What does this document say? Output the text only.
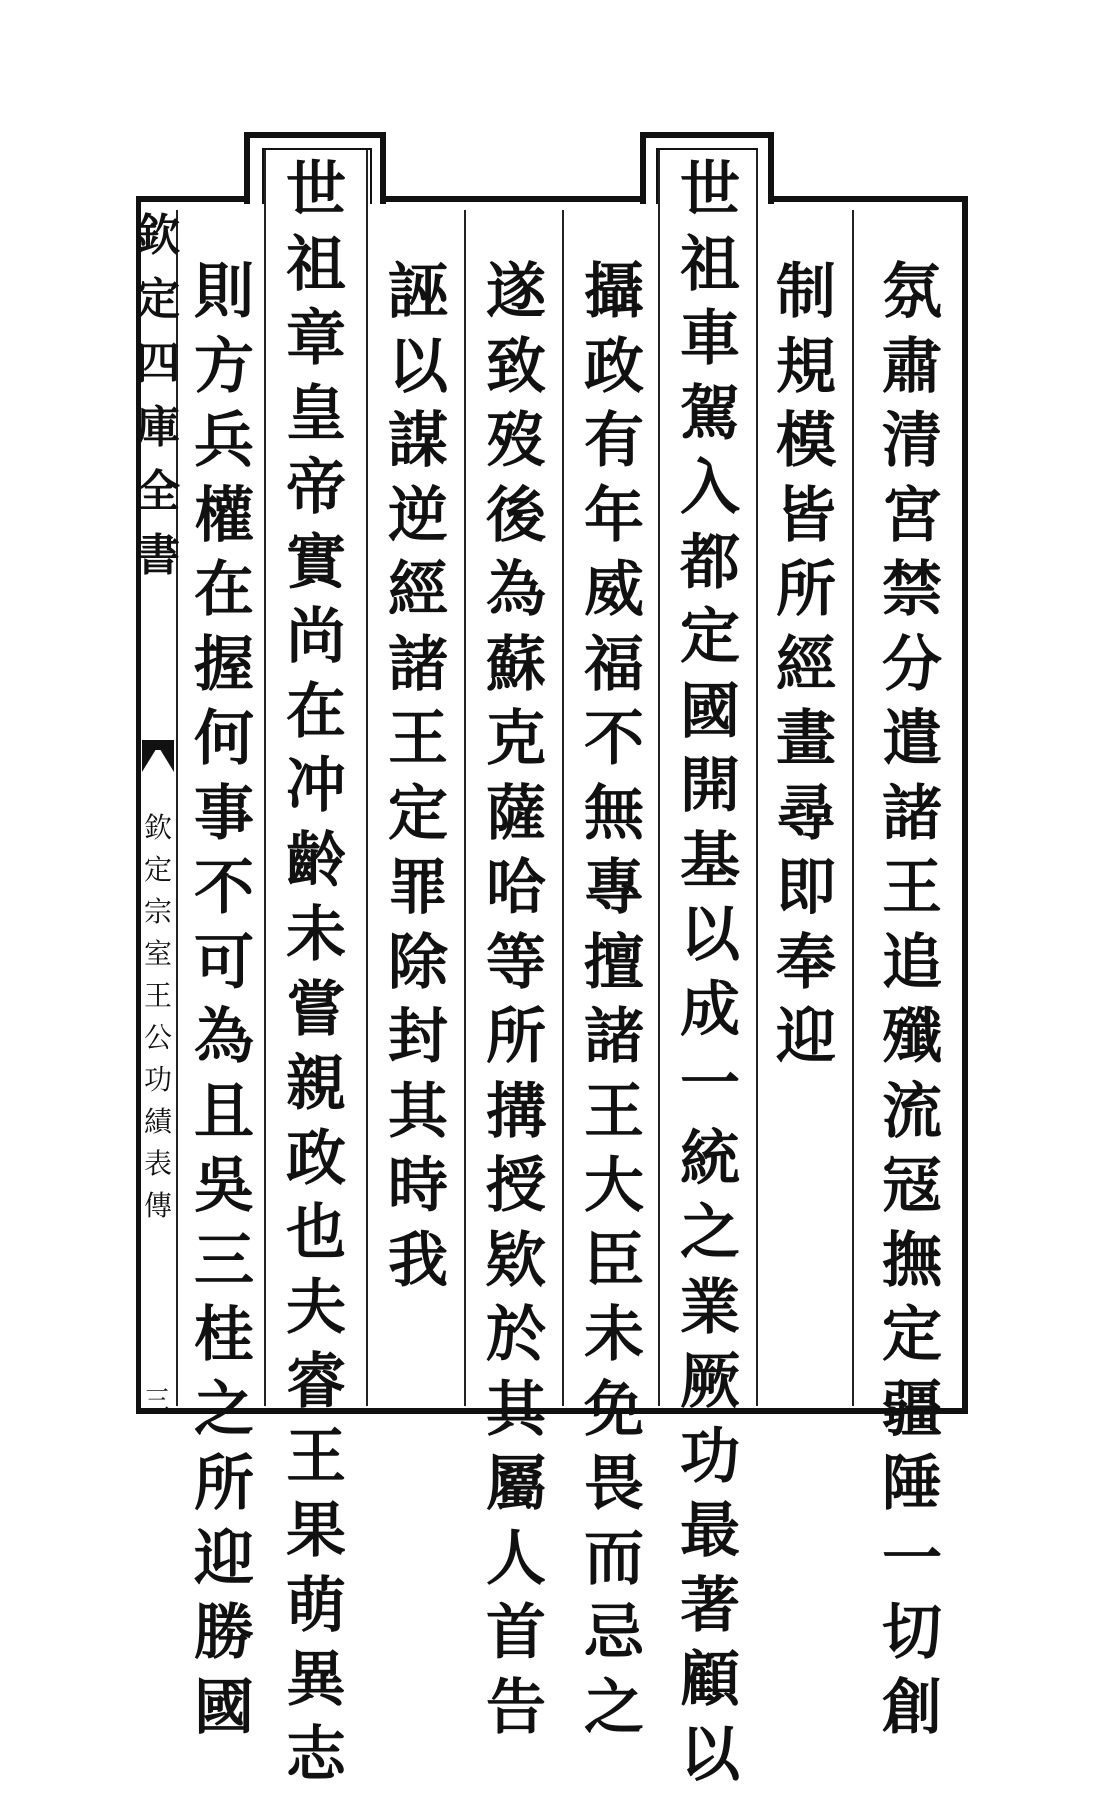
欽
定
四
庫
全
書
欽
定
宗
室
王
公
功
績
表
傳
三
氛
肅
清
宮
禁
分
遣
諸
王
追
殲
流
冦
撫
定
疆
陲
一
切
創
制
規
模
皆
所
經
畫
尋
即
奉
迎
世
祖
車
駕
入
都
定
國
開
基
以
成
一
統
之
業
厥
功
最
著
顧
以
攝
政
有
年
威
福
不
無
專
擅
諸
王
大
臣
未
免
畏
而
忌
之
遂
致
歿
後
為
蘇
克
薩
哈
等
所
搆
授
欵
於
其
屬
人
首
告
誣
以
謀
逆
經
諸
王
定
罪
除
封
其
時
我
世
祖
章
皇
帝
實
尚
在
冲
齡
未
嘗
親
政
也
夫
睿
王
果
萌
異
志
則
方
兵
權
在
握
何
事
不
可
為
且
吳
三
桂
之
所
迎
勝
國
